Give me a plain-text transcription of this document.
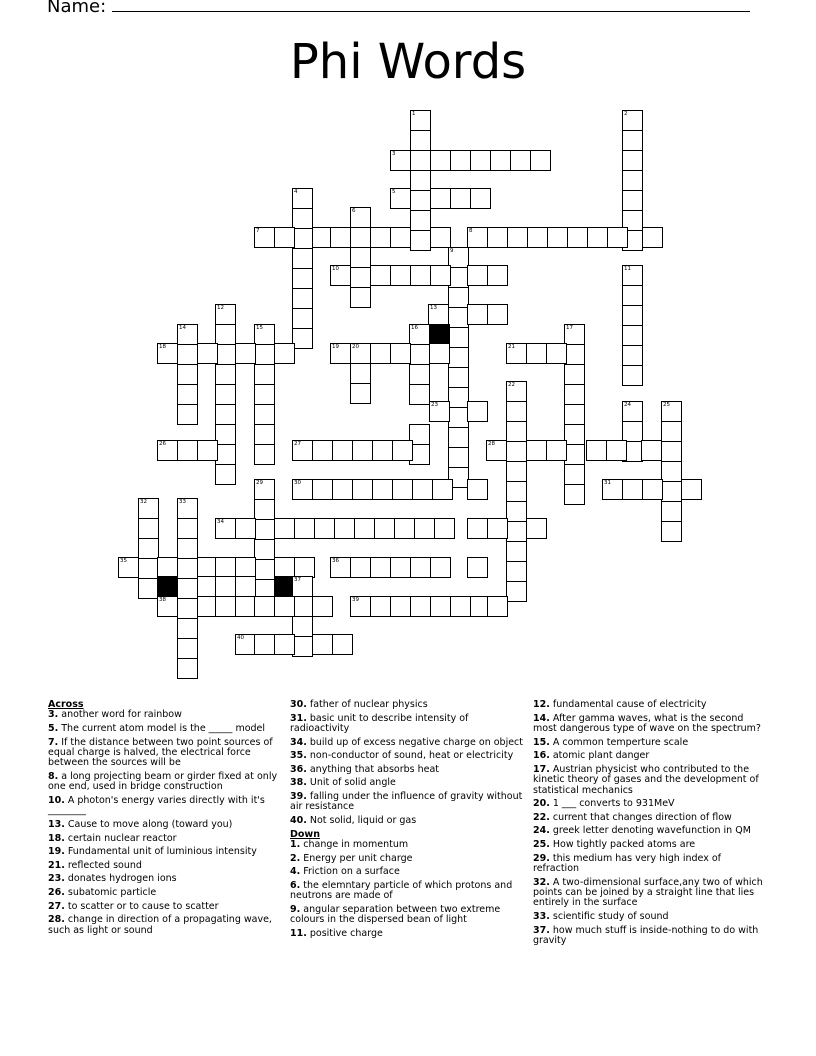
Name:
Phi Words
1	2
3
4	5
6
7	8
9
10	11
12	13
14	15	16	17
18	19 20	21
22
23	24	25
26	27	28
29	30	31
32	33
34
35	36
37
38	39
40
Across
3. another word for rainbow
5. The current atom model is the _____ model
7. If the distance between two point sources of equal charge is halved, the electrical force between the sources will be
8. a long projecting beam or girder fixed at only one end, used in bridge construction
10. A photon's energy varies directly with it's ________
13. Cause to move along (toward you)
18. certain nuclear reactor
19. Fundamental unit of luminious intensity
21. reflected sound
23. donates hydrogen ions
26. subatomic particle
27. to scatter or to cause to scatter
28. change in direction of a propagating wave, such as light or sound
30. father of nuclear physics
31. basic unit to describe intensity of radioactivity
34. build up of excess negative charge on object
35. non-conductor of sound, heat or electricity
36. anything that absorbs heat
38. Unit of solid angle
39. falling under the influence of gravity without air resistance
40. Not solid, liquid or gas
Down
1. change in momentum
2. Energy per unit charge
4. Friction on a surface
6. the elemntary particle of which protons and neutrons are made of
9. angular separation between two extreme colours in the dispersed bean of light
11. positive charge
12. fundamental cause of electricity
14. After gamma waves, what is the second most dangerous type of wave on the spectrum?
15. A common temperture scale
16. atomic plant danger
17. Austrian physicist who contributed to the kinetic theory of gases and the development of statistical mechanics
20. 1 ___ converts to 931MeV
22. current that changes direction of flow
24. greek letter denoting wavefunction in QM
25. How tightly packed atoms are
29. this medium has very high index of refraction
32. A two-dimensional surface,any two of which points can be joined by a straight line that lies entirely in the surface
33. scientific study of sound
37. how much stuff is inside-nothing to do with gravity
